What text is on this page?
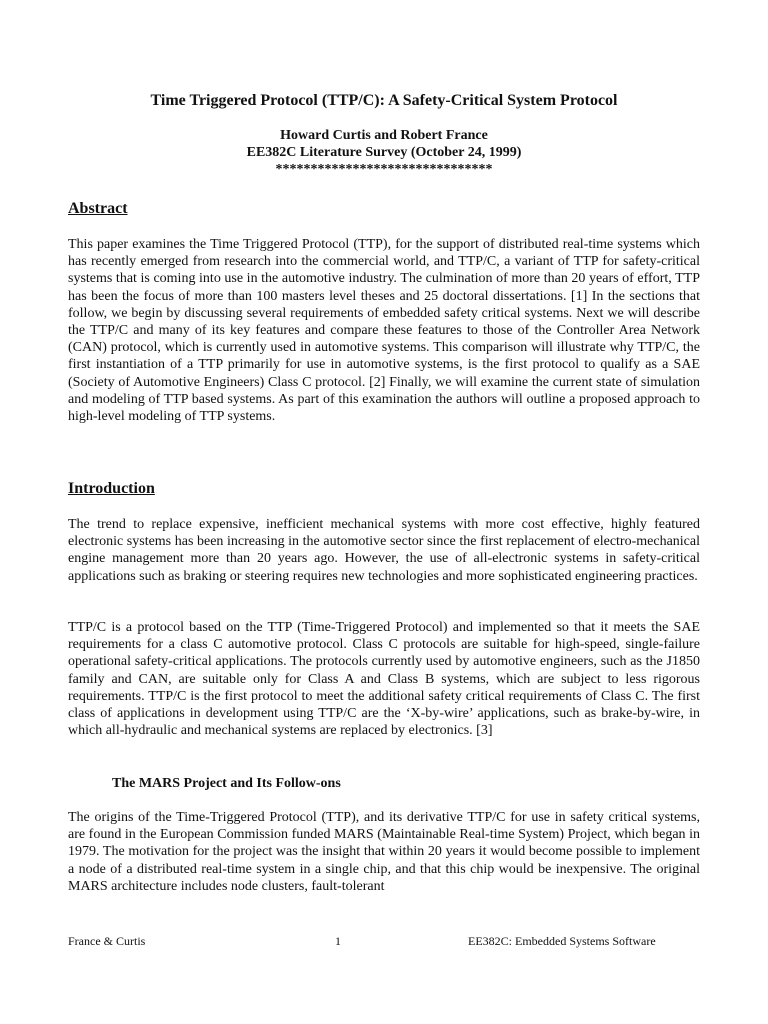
Time Triggered Protocol (TTP/C): A Safety-Critical System Protocol
Howard Curtis and Robert France
EE382C Literature Survey (October 24, 1999)
*******************************
Abstract

This paper examines the Time Triggered Protocol (TTP), for the support of distributed real-time systems which has recently emerged from research into the commercial world, and TTP/C, a variant of TTP for safety-critical systems that is coming into use in the automotive industry. The culmination of more than 20 years of effort, TTP has been the focus of more than 100 masters level theses and 25 doctoral dissertations. [1] In the sections that follow, we begin by discussing several requirements of embedded safety critical systems. Next we will describe the TTP/C and many of its key features and compare these features to those of the Controller Area Network (CAN) protocol, which is currently used in automotive systems. This comparison will illustrate why TTP/C, the first instantiation of a TTP primarily for use in automotive systems, is the first protocol to qualify as a SAE (Society of Automotive Engineers) Class C protocol. [2] Finally, we will examine the current state of simulation and modeling of TTP based systems. As part of this examination the authors will outline a proposed approach to high-level modeling of TTP systems.

Introduction

The trend to replace expensive, inefficient mechanical systems with more cost effective, highly featured electronic systems has been increasing in the automotive sector since the first replacement of electro-mechanical engine management more than 20 years ago. However, the use of all-electronic systems in safety-critical applications such as braking or steering requires new technologies and more sophisticated engineering practices.

TTP/C is a protocol based on the TTP (Time-Triggered Protocol) and implemented so that it meets the SAE requirements for a class C automotive protocol. Class C protocols are suitable for high-speed, single-failure operational safety-critical applications. The protocols currently used by automotive engineers, such as the J1850 family and CAN, are suitable only for Class A and Class B systems, which are subject to less rigorous requirements. TTP/C is the first protocol to meet the additional safety critical requirements of Class C. The first class of applications in development using TTP/C are the ‘X-by-wire’ applications, such as brake-by-wire, in which all-hydraulic and mechanical systems are replaced by electronics. [3]

The MARS Project and Its Follow-ons

The origins of the Time-Triggered Protocol (TTP), and its derivative TTP/C for use in safety critical systems, are found in the European Commission funded MARS (Maintainable Real-time System) Project, which began in 1979. The motivation for the project was the insight that within 20 years it would become possible to implement a node of a distributed real-time system in a single chip, and that this chip would be inexpensive. The original MARS architecture includes node clusters, fault-tolerant

France & Curtis	1	EE382C: Embedded Systems Software
